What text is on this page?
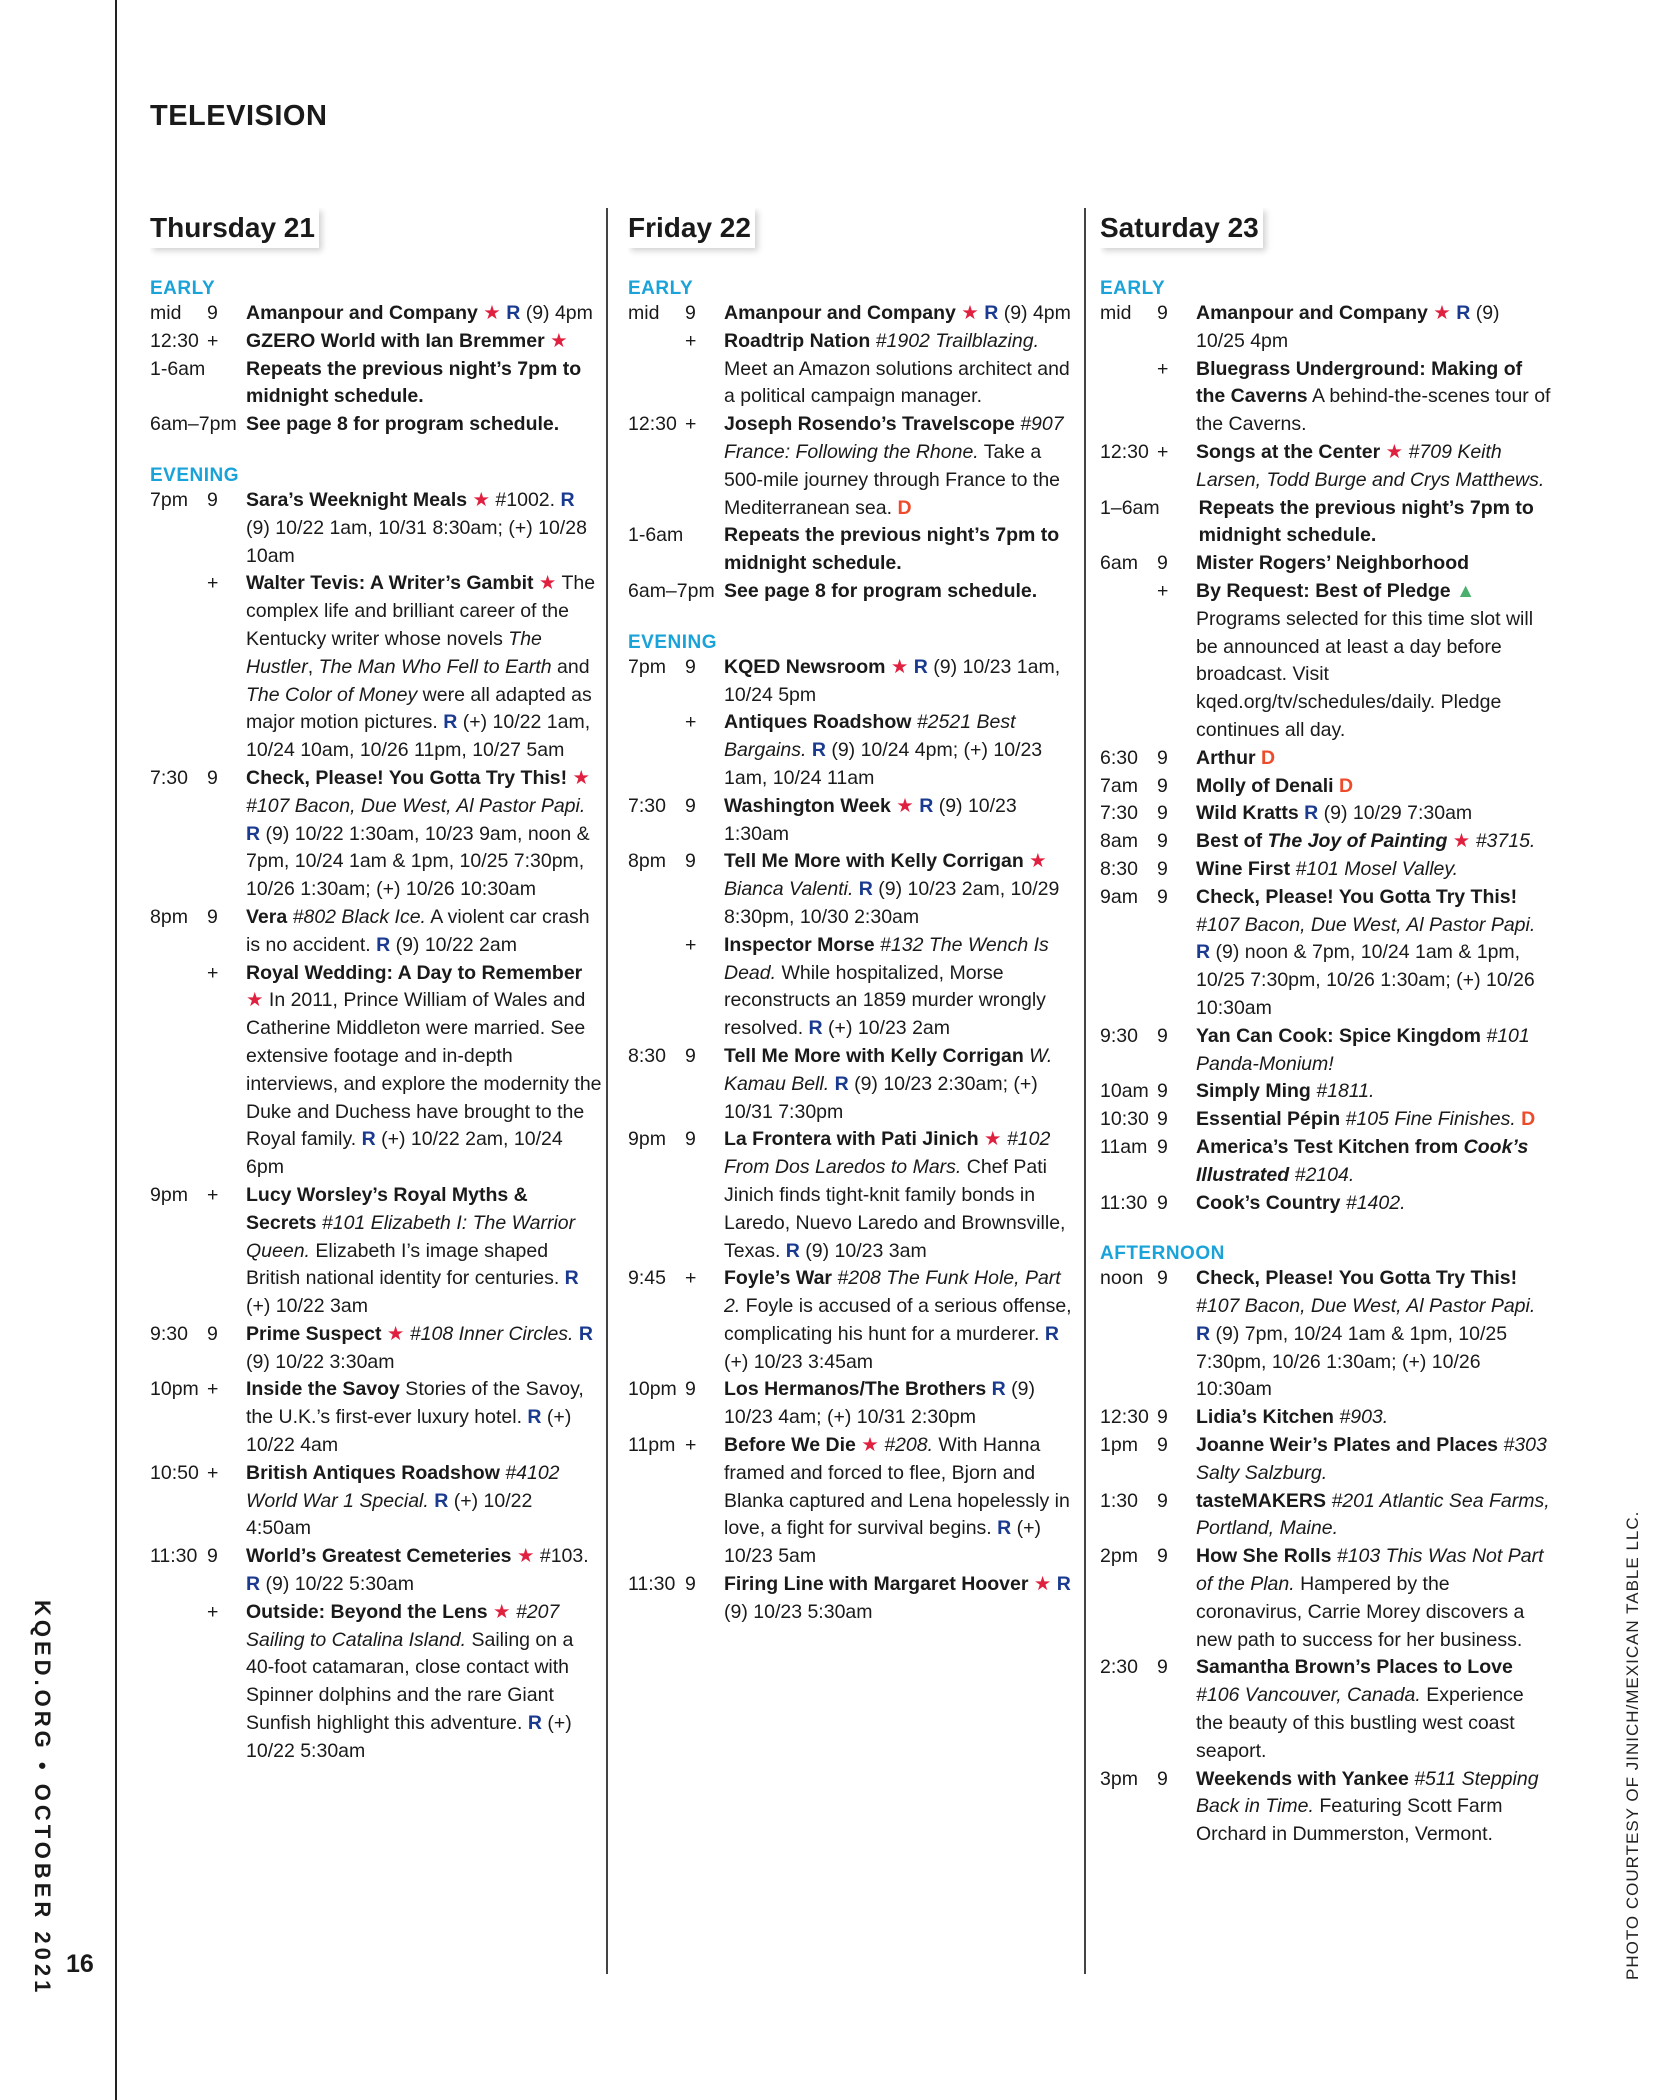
KQED.ORG • OCTOBER 2021 16	PHOTO COURTESY OF JINICH/MEXICAN TABLE LLC.
TELEVISION
Thursday 21
EARLY
mid	9	Amanpour and Company ★ R (9) 4pm
12:30 +	GZERO World with Ian Bremmer ★
1-6am Repeats the previous night’s 7pm to midnight schedule.
6am–7pm See page 8 for program schedule.
EVENING
7pm 9	Sara’s Weeknight Meals ★ #1002. R (9) 10/22 1am, 10/31 8:30am; (+) 10/28 10am
+	Walter Tevis: A Writer’s Gambit ★ The complex life and brilliant career of the Kentucky writer whose novels The Hustler, The Man Who Fell to Earth and The Color of Money were all adapted as major motion pictures. R (+) 10/22 1am, 10/24 10am, 10/26 11pm, 10/27 5am
7:30 9	Check, Please! You Gotta Try This! ★ #107 Bacon, Due West, Al Pastor Papi. R (9) 10/22 1:30am, 10/23 9am, noon & 7pm, 10/24 1am & 1pm, 10/25 7:30pm, 10/26 1:30am; (+) 10/26 10:30am
8pm 9	Vera #802 Black Ice. A violent car crash is no accident. R (9) 10/22 2am
+	Royal Wedding: A Day to Remember ★ In 2011, Prince William of Wales and Catherine Middleton were married. See extensive footage and in-depth interviews, and explore the modernity the Duke and Duchess have brought to the Royal family. R (+) 10/22 2am, 10/24 6pm
9pm +	Lucy Worsley’s Royal Myths & Secrets #101 Elizabeth I: The Warrior Queen. Elizabeth I’s image shaped British national identity for centuries. R (+) 10/22 3am
9:30 9	Prime Suspect ★ #108 Inner Circles. R (9) 10/22 3:30am
10pm +	Inside the Savoy Stories of the Savoy, the U.K.’s first-ever luxury hotel. R (+) 10/22 4am
10:50 +	British Antiques Roadshow #4102 World War 1 Special. R (+) 10/22 4:50am
11:30 9	World’s Greatest Cemeteries ★ #103. R (9) 10/22 5:30am
+	Outside: Beyond the Lens ★ #207 Sailing to Catalina Island. Sailing on a 40-foot catamaran, close contact with Spinner dolphins and the rare Giant Sunfish highlight this adventure. R (+) 10/22 5:30am
Friday 22
EARLY
mid	9	Amanpour and Company ★ R (9) 4pm
+	Roadtrip Nation #1902 Trailblazing. Meet an Amazon solutions architect and a political campaign manager.
12:30 +	Joseph Rosendo’s Travelscope #907 France: Following the Rhone. Take a 500-mile journey through France to the Mediterranean sea. D
1-6am Repeats the previous night’s 7pm to midnight schedule.
6am–7pm See page 8 for program schedule.
EVENING
7pm 9	KQED Newsroom ★ R (9) 10/23 1am, 10/24 5pm
+	Antiques Roadshow #2521 Best Bargains. R (9) 10/24 4pm; (+) 10/23 1am, 10/24 11am
7:30 9	Washington Week ★ R (9) 10/23 1:30am
8pm 9	Tell Me More with Kelly Corrigan ★ Bianca Valenti. R (9) 10/23 2am, 10/29 8:30pm, 10/30 2:30am
+	Inspector Morse #132 The Wench Is Dead. While hospitalized, Morse reconstructs an 1859 murder wrongly resolved. R (+) 10/23 2am
8:30 9	Tell Me More with Kelly Corrigan W. Kamau Bell. R (9) 10/23 2:30am; (+) 10/31 7:30pm
9pm 9	La Frontera with Pati Jinich ★ #102 From Dos Laredos to Mars. Chef Pati Jinich finds tight-knit family bonds in Laredo, Nuevo Laredo and Brownsville, Texas. R (9) 10/23 3am
9:45 +	Foyle’s War #208 The Funk Hole, Part 2. Foyle is accused of a serious offense, complicating his hunt for a murderer. R (+) 10/23 3:45am
10pm 9	Los Hermanos/The Brothers R (9) 10/23 4am; (+) 10/31 2:30pm
11pm +	Before We Die ★ #208. With Hanna framed and forced to flee, Bjorn and Blanka captured and Lena hopelessly in love, a fight for survival begins. R (+) 10/23 5am
11:30 9	Firing Line with Margaret Hoover ★ R (9) 10/23 5:30am
Saturday 23
EARLY
mid	9	Amanpour and Company ★ R (9) 10/25 4pm
+	Bluegrass Underground: Making of the Caverns A behind-the-scenes tour of the Caverns.
12:30 +	Songs at the Center ★ #709 Keith Larsen, Todd Burge and Crys Matthews.
1–6am Repeats the previous night’s 7pm to midnight schedule.
6am 9	Mister Rogers’ Neighborhood
+	By Request: Best of Pledge ▲ Programs selected for this time slot will be announced at least a day before broadcast. Visit kqed.org/tv/schedules/daily. Pledge continues all day.
6:30 9	Arthur D
7am 9	Molly of Denali D
7:30 9	Wild Kratts R (9) 10/29 7:30am
8am 9	Best of The Joy of Painting ★ #3715.
8:30 9	Wine First #101 Mosel Valley.
9am 9	Check, Please! You Gotta Try This! #107 Bacon, Due West, Al Pastor Papi. R (9) noon & 7pm, 10/24 1am & 1pm, 10/25 7:30pm, 10/26 1:30am; (+) 10/26 10:30am
9:30 9	Yan Can Cook: Spice Kingdom #101 Panda-Monium!
10am 9	Simply Ming #1811.
10:30 9	Essential Pépin #105 Fine Finishes. D
11am 9	America’s Test Kitchen from Cook’s Illustrated #2104.
11:30 9	Cook’s Country #1402.
AFTERNOON
noon 9	Check, Please! You Gotta Try This! #107 Bacon, Due West, Al Pastor Papi. R (9) 7pm, 10/24 1am & 1pm, 10/25 7:30pm, 10/26 1:30am; (+) 10/26 10:30am
12:30 9	Lidia’s Kitchen #903.
1pm 9	Joanne Weir’s Plates and Places #303 Salty Salzburg.
1:30 9	tasteMAKERS #201 Atlantic Sea Farms, Portland, Maine.
2pm 9	How She Rolls #103 This Was Not Part of the Plan. Hampered by the coronavirus, Carrie Morey discovers a new path to success for her business.
2:30 9	Samantha Brown’s Places to Love #106 Vancouver, Canada. Experience the beauty of this bustling west coast seaport.
3pm 9	Weekends with Yankee #511 Stepping Back in Time. Featuring Scott Farm Orchard in Dummerston, Vermont.
